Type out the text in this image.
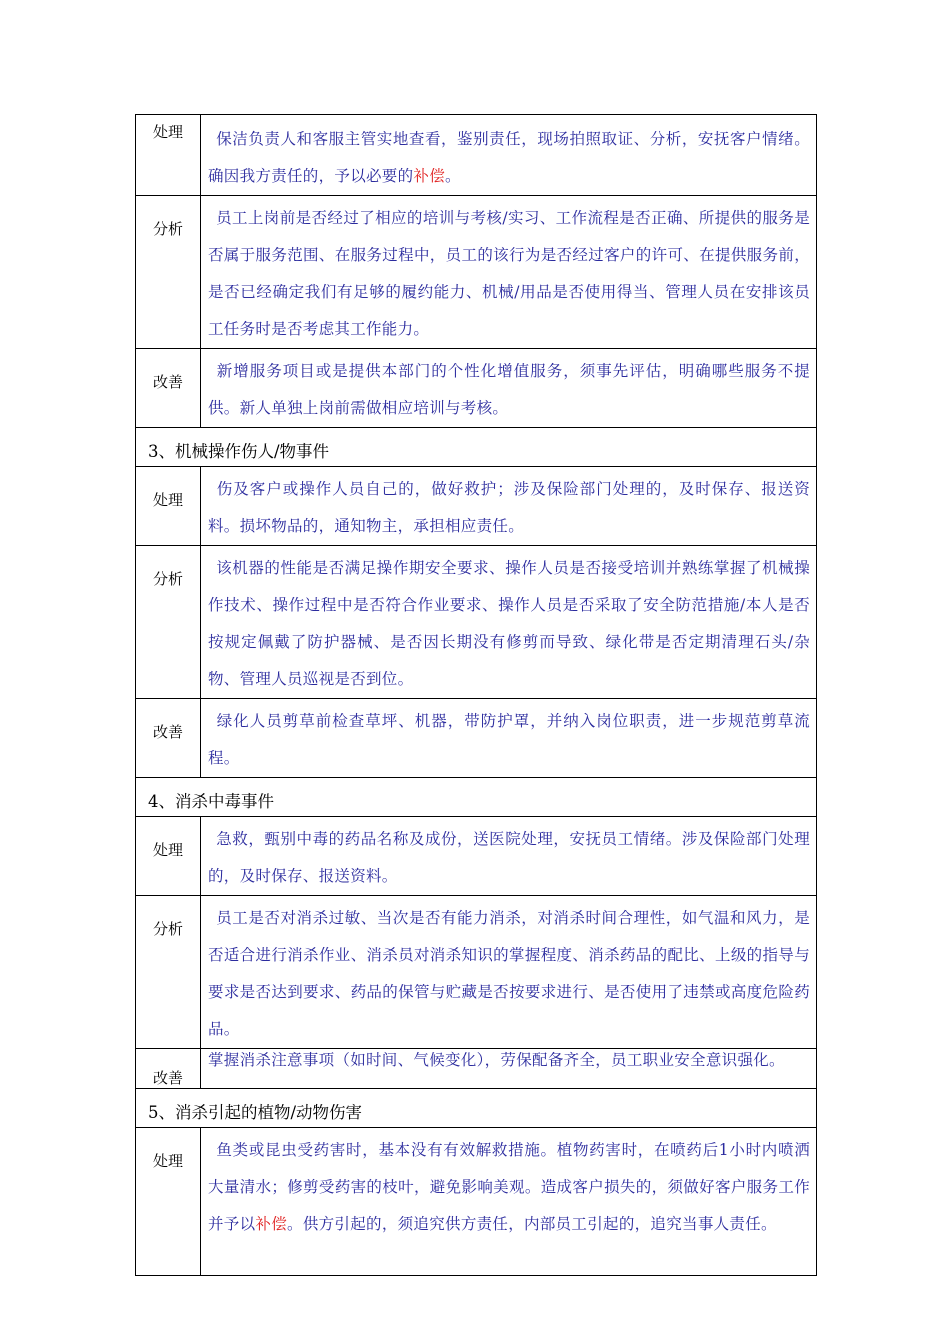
处理	保洁负责人和客服主管实地查看，鉴别责任，现场拍照取证、分析，安抚客户情绪。确因我方责任的，予以必要的补偿。
分析	员工上岗前是否经过了相应的培训与考核/实习、工作流程是否正确、所提供的服务是否属于服务范围、在服务过程中，员工的该行为是否经过客户的许可、在提供服务前，是否已经确定我们有足够的履约能力、机械/用品是否使用得当、管理人员在安排该员工任务时是否考虑其工作能力。
改善	新增服务项目或是提供本部门的个性化增值服务，须事先评估，明确哪些服务不提供。新人单独上岗前需做相应培训与考核。
3、机械操作伤人/物事件	
处理	伤及客户或操作人员自己的，做好救护；涉及保险部门处理的，及时保存、报送资料。损坏物品的，通知物主，承担相应责任。
分析	该机器的性能是否满足操作期安全要求、操作人员是否接受培训并熟练掌握了机械操作技术、操作过程中是否符合作业要求、操作人员是否采取了安全防范措施/本人是否按规定佩戴了防护器械、是否因长期没有修剪而导致、绿化带是否定期清理石头/杂物、管理人员巡视是否到位。
改善	绿化人员剪草前检查草坪、机器，带防护罩，并纳入岗位职责，进一步规范剪草流程。
4、消杀中毒事件	
处理	急救，甄别中毒的药品名称及成份，送医院处理，安抚员工情绪。涉及保险部门处理的，及时保存、报送资料。
分析	员工是否对消杀过敏、当次是否有能力消杀，对消杀时间合理性，如气温和风力，是否适合进行消杀作业、消杀员对消杀知识的掌握程度、消杀药品的配比、上级的指导与要求是否达到要求、药品的保管与贮藏是否按要求进行、是否使用了违禁或高度危险药品。
改善	掌握消杀注意事项（如时间、气候变化），劳保配备齐全，员工职业安全意识强化。
5、消杀引起的植物/动物伤害	
处理	鱼类或昆虫受药害时，基本没有有效解救措施。植物药害时，在喷药后1小时内喷洒大量清水；修剪受药害的枝叶，避免影响美观。造成客户损失的，须做好客户服务工作并予以补偿。供方引起的，须追究供方责任，内部员工引起的，追究当事人责任。
